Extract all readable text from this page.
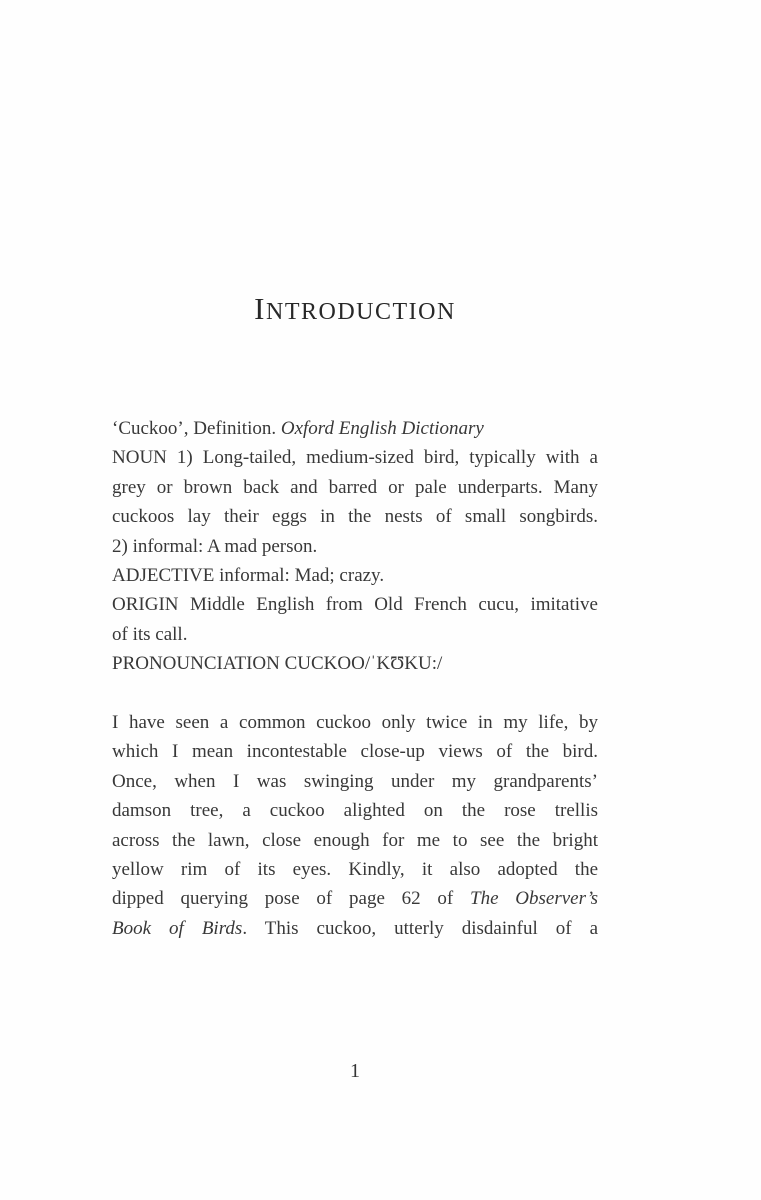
INTRODUCTION
‘Cuckoo’, Definition. Oxford English Dictionary
NOUN 1) Long-tailed, medium-sized bird, typically with a
grey or brown back and barred or pale underparts. Many
cuckoos lay their eggs in the nests of small songbirds.
2) informal: A mad person.
ADJECTIVE informal: Mad; crazy.
ORIGIN Middle English from Old French cucu, imitative
of its call.
PRONOUNCIATION CUCKOO/ˈKƱKU:/
I have seen a common cuckoo only twice in my life, by
which I mean incontestable close-up views of the bird.
Once, when I was swinging under my grandparents’
damson tree, a cuckoo alighted on the rose trellis
across the lawn, close enough for me to see the bright
yellow rim of its eyes. Kindly, it also adopted the
dipped querying pose of page 62 of The Observer’s
Book of Birds. This cuckoo, utterly disdainful of a
1
